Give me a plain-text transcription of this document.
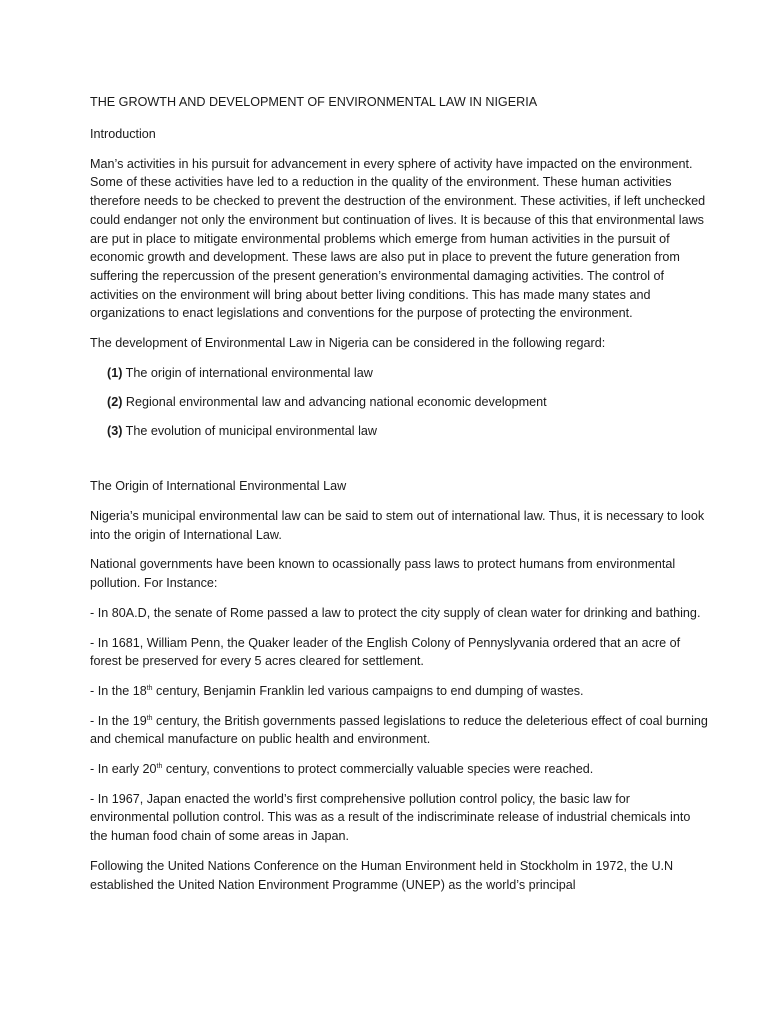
THE GROWTH AND DEVELOPMENT OF ENVIRONMENTAL LAW IN NIGERIA
Introduction

Man’s activities in his pursuit for advancement in every sphere of activity have impacted on the environment. Some of these activities have led to a reduction in the quality of the environment. These human activities therefore needs to be checked to prevent the destruction of the environment. These activities, if left unchecked could endanger not only the environment but continuation of lives. It is because of this that environmental laws are put in place to mitigate environmental problems which emerge from human activities in the pursuit of economic growth and development. These laws are also put in place to prevent the future generation from suffering the repercussion of the present generation’s environmental damaging activities. The control of activities on the environment will bring about better living conditions. This has made many states and organizations to enact legislations and conventions for the purpose of protecting the environment.

The development of Environmental Law in Nigeria can be considered in the following regard:

(1) The origin of international environmental law
(2) Regional environmental law and advancing national economic development
(3) The evolution of municipal environmental law
The Origin of International Environmental Law

Nigeria’s municipal environmental law can be said to stem out of international law. Thus, it is necessary to look into the origin of International Law.

National governments have been known to ocassionally pass laws to protect humans from environmental pollution. For Instance:

- In 80A.D, the senate of Rome passed a law to protect the city supply of clean water for drinking and bathing.

- In 1681, William Penn, the Quaker leader of the English Colony of Pennyslyvania ordered that an acre of forest be preserved for every 5 acres cleared for settlement.

- In the 18th century, Benjamin Franklin led various campaigns to end dumping of wastes.

- In the 19th century, the British governments passed legislations to reduce the deleterious effect of coal burning and chemical manufacture on public health and environment.

- In early 20th century, conventions to protect commercially valuable species were reached.

- In 1967, Japan enacted the world’s first comprehensive pollution control policy, the basic law for environmental pollution control. This was as a result of the indiscriminate release of industrial chemicals into the human food chain of some areas in Japan.

Following the United Nations Conference on the Human Environment held in Stockholm in 1972, the U.N established the United Nation Environment Programme (UNEP) as the world’s principal
